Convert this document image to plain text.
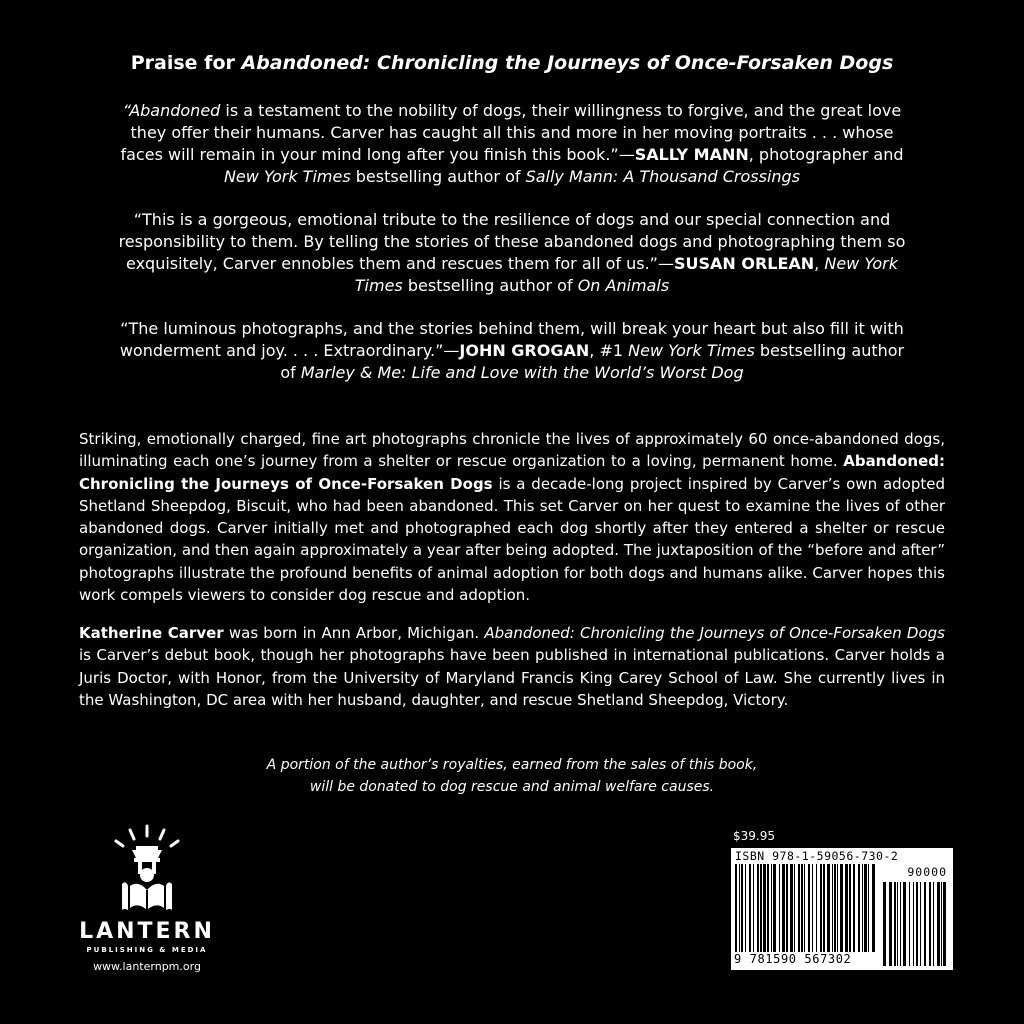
Praise for Abandoned: Chronicling the Journeys of Once-Forsaken Dogs
“Abandoned is a testament to the nobility of dogs, their willingness to forgive, and the great love they offer their humans. Carver has caught all this and more in her moving portraits . . . whose faces will remain in your mind long after you finish this book.”—SALLY MANN, photographer and New York Times bestselling author of Sally Mann: A Thousand Crossings
“This is a gorgeous, emotional tribute to the resilience of dogs and our special connection and responsibility to them. By telling the stories of these abandoned dogs and photographing them so exquisitely, Carver ennobles them and rescues them for all of us.”—SUSAN ORLEAN, New York Times bestselling author of On Animals
“The luminous photographs, and the stories behind them, will break your heart but also fill it with wonderment and joy. . . . Extraordinary.”—JOHN GROGAN, #1 New York Times bestselling author of Marley & Me: Life and Love with the World’s Worst Dog
Striking, emotionally charged, fine art photographs chronicle the lives of approximately 60 once-abandoned dogs, illuminating each one’s journey from a shelter or rescue organization to a loving, permanent home. Abandoned: Chronicling the Journeys of Once-Forsaken Dogs is a decade-long project inspired by Carver’s own adopted Shetland Sheepdog, Biscuit, who had been abandoned. This set Carver on her quest to examine the lives of other abandoned dogs. Carver initially met and photographed each dog shortly after they entered a shelter or rescue organization, and then again approximately a year after being adopted. The juxtaposition of the “before and after” photographs illustrate the profound benefits of animal adoption for both dogs and humans alike. Carver hopes this work compels viewers to consider dog rescue and adoption.
Katherine Carver was born in Ann Arbor, Michigan. Abandoned: Chronicling the Journeys of Once-Forsaken Dogs is Carver’s debut book, though her photographs have been published in international publications. Carver holds a Juris Doctor, with Honor, from the University of Maryland Francis King Carey School of Law. She currently lives in the Washington, DC area with her husband, daughter, and rescue Shetland Sheepdog, Victory.
A portion of the author’s royalties, earned from the sales of this book,
will be donated to dog rescue and animal welfare causes.
LANTERN
PUBLISHING & MEDIA
www.lanternpm.org
$39.95
ISBN 978-1-59056-730-2
90000
9 781590 567302
